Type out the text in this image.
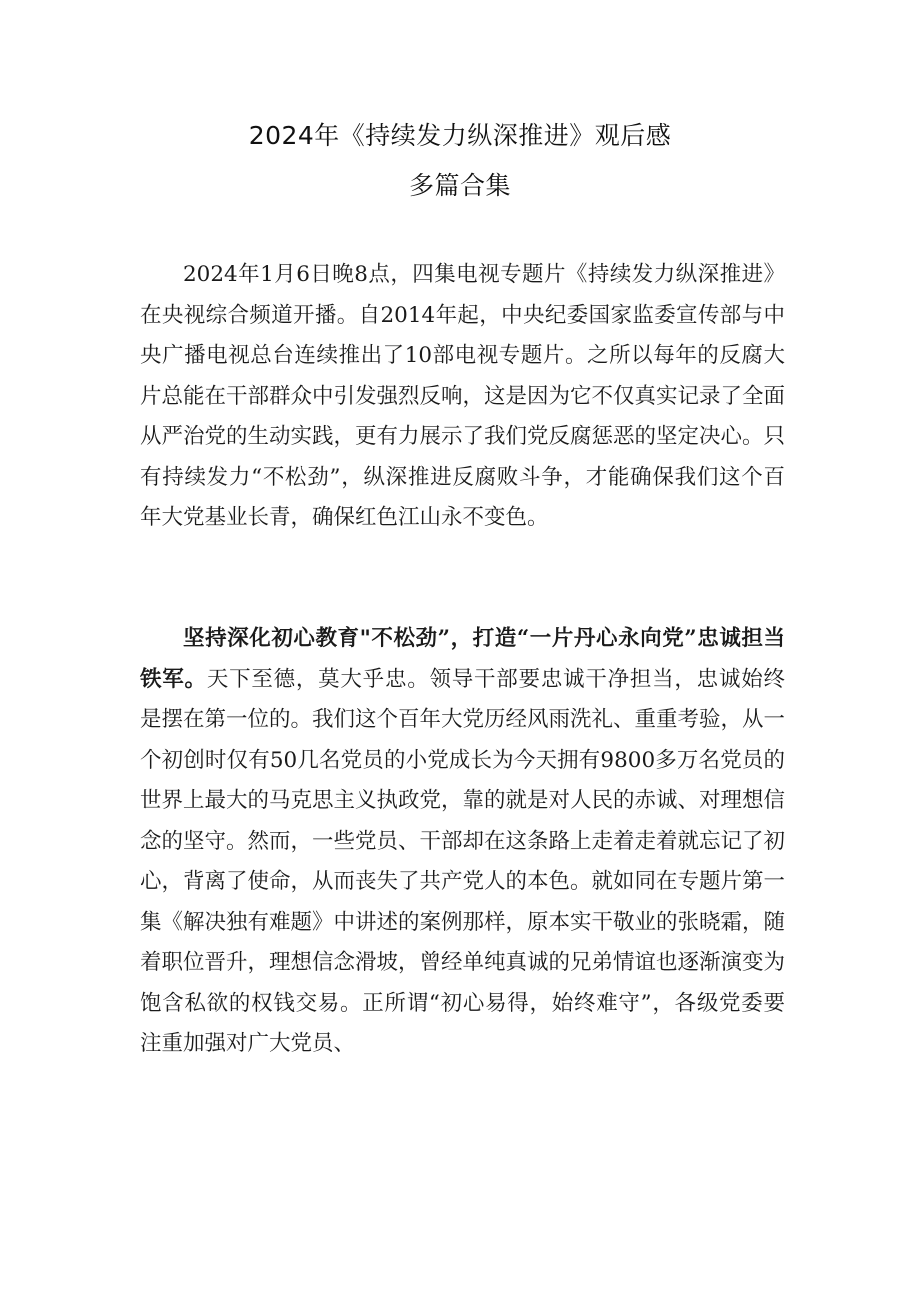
2024年《持续发力纵深推进》观后感
多篇合集

2024年1月6日晚8点，四集电视专题片《持续发力纵深推进》在央视综合频道开播。自2014年起，中央纪委国家监委宣传部与中央广播电视总台连续推出了10部电视专题片。之所以每年的反腐大片总能在干部群众中引发强烈反响，这是因为它不仅真实记录了全面从严治党的生动实践，更有力展示了我们党反腐惩恶的坚定决心。只有持续发力“不松劲”，纵深推进反腐败斗争，才能确保我们这个百年大党基业长青，确保红色江山永不变色。

坚持深化初心教育"不松劲”，打造“一片丹心永向党”忠诚担当铁军。天下至德，莫大乎忠。领导干部要忠诚干净担当，忠诚始终是摆在第一位的。我们这个百年大党历经风雨洗礼、重重考验，从一个初创时仅有50几名党员的小党成长为今天拥有9800多万名党员的世界上最大的马克思主义执政党，靠的就是对人民的赤诚、对理想信念的坚守。然而，一些党员、干部却在这条路上走着走着就忘记了初心，背离了使命，从而丧失了共产党人的本色。就如同在专题片第一集《解决独有难题》中讲述的案例那样，原本实干敬业的张晓霜，随着职位晋升，理想信念滑坡，曾经单纯真诚的兄弟情谊也逐渐演变为饱含私欲的权钱交易。正所谓“初心易得，始终难守”，各级党委要注重加强对广大党员、
